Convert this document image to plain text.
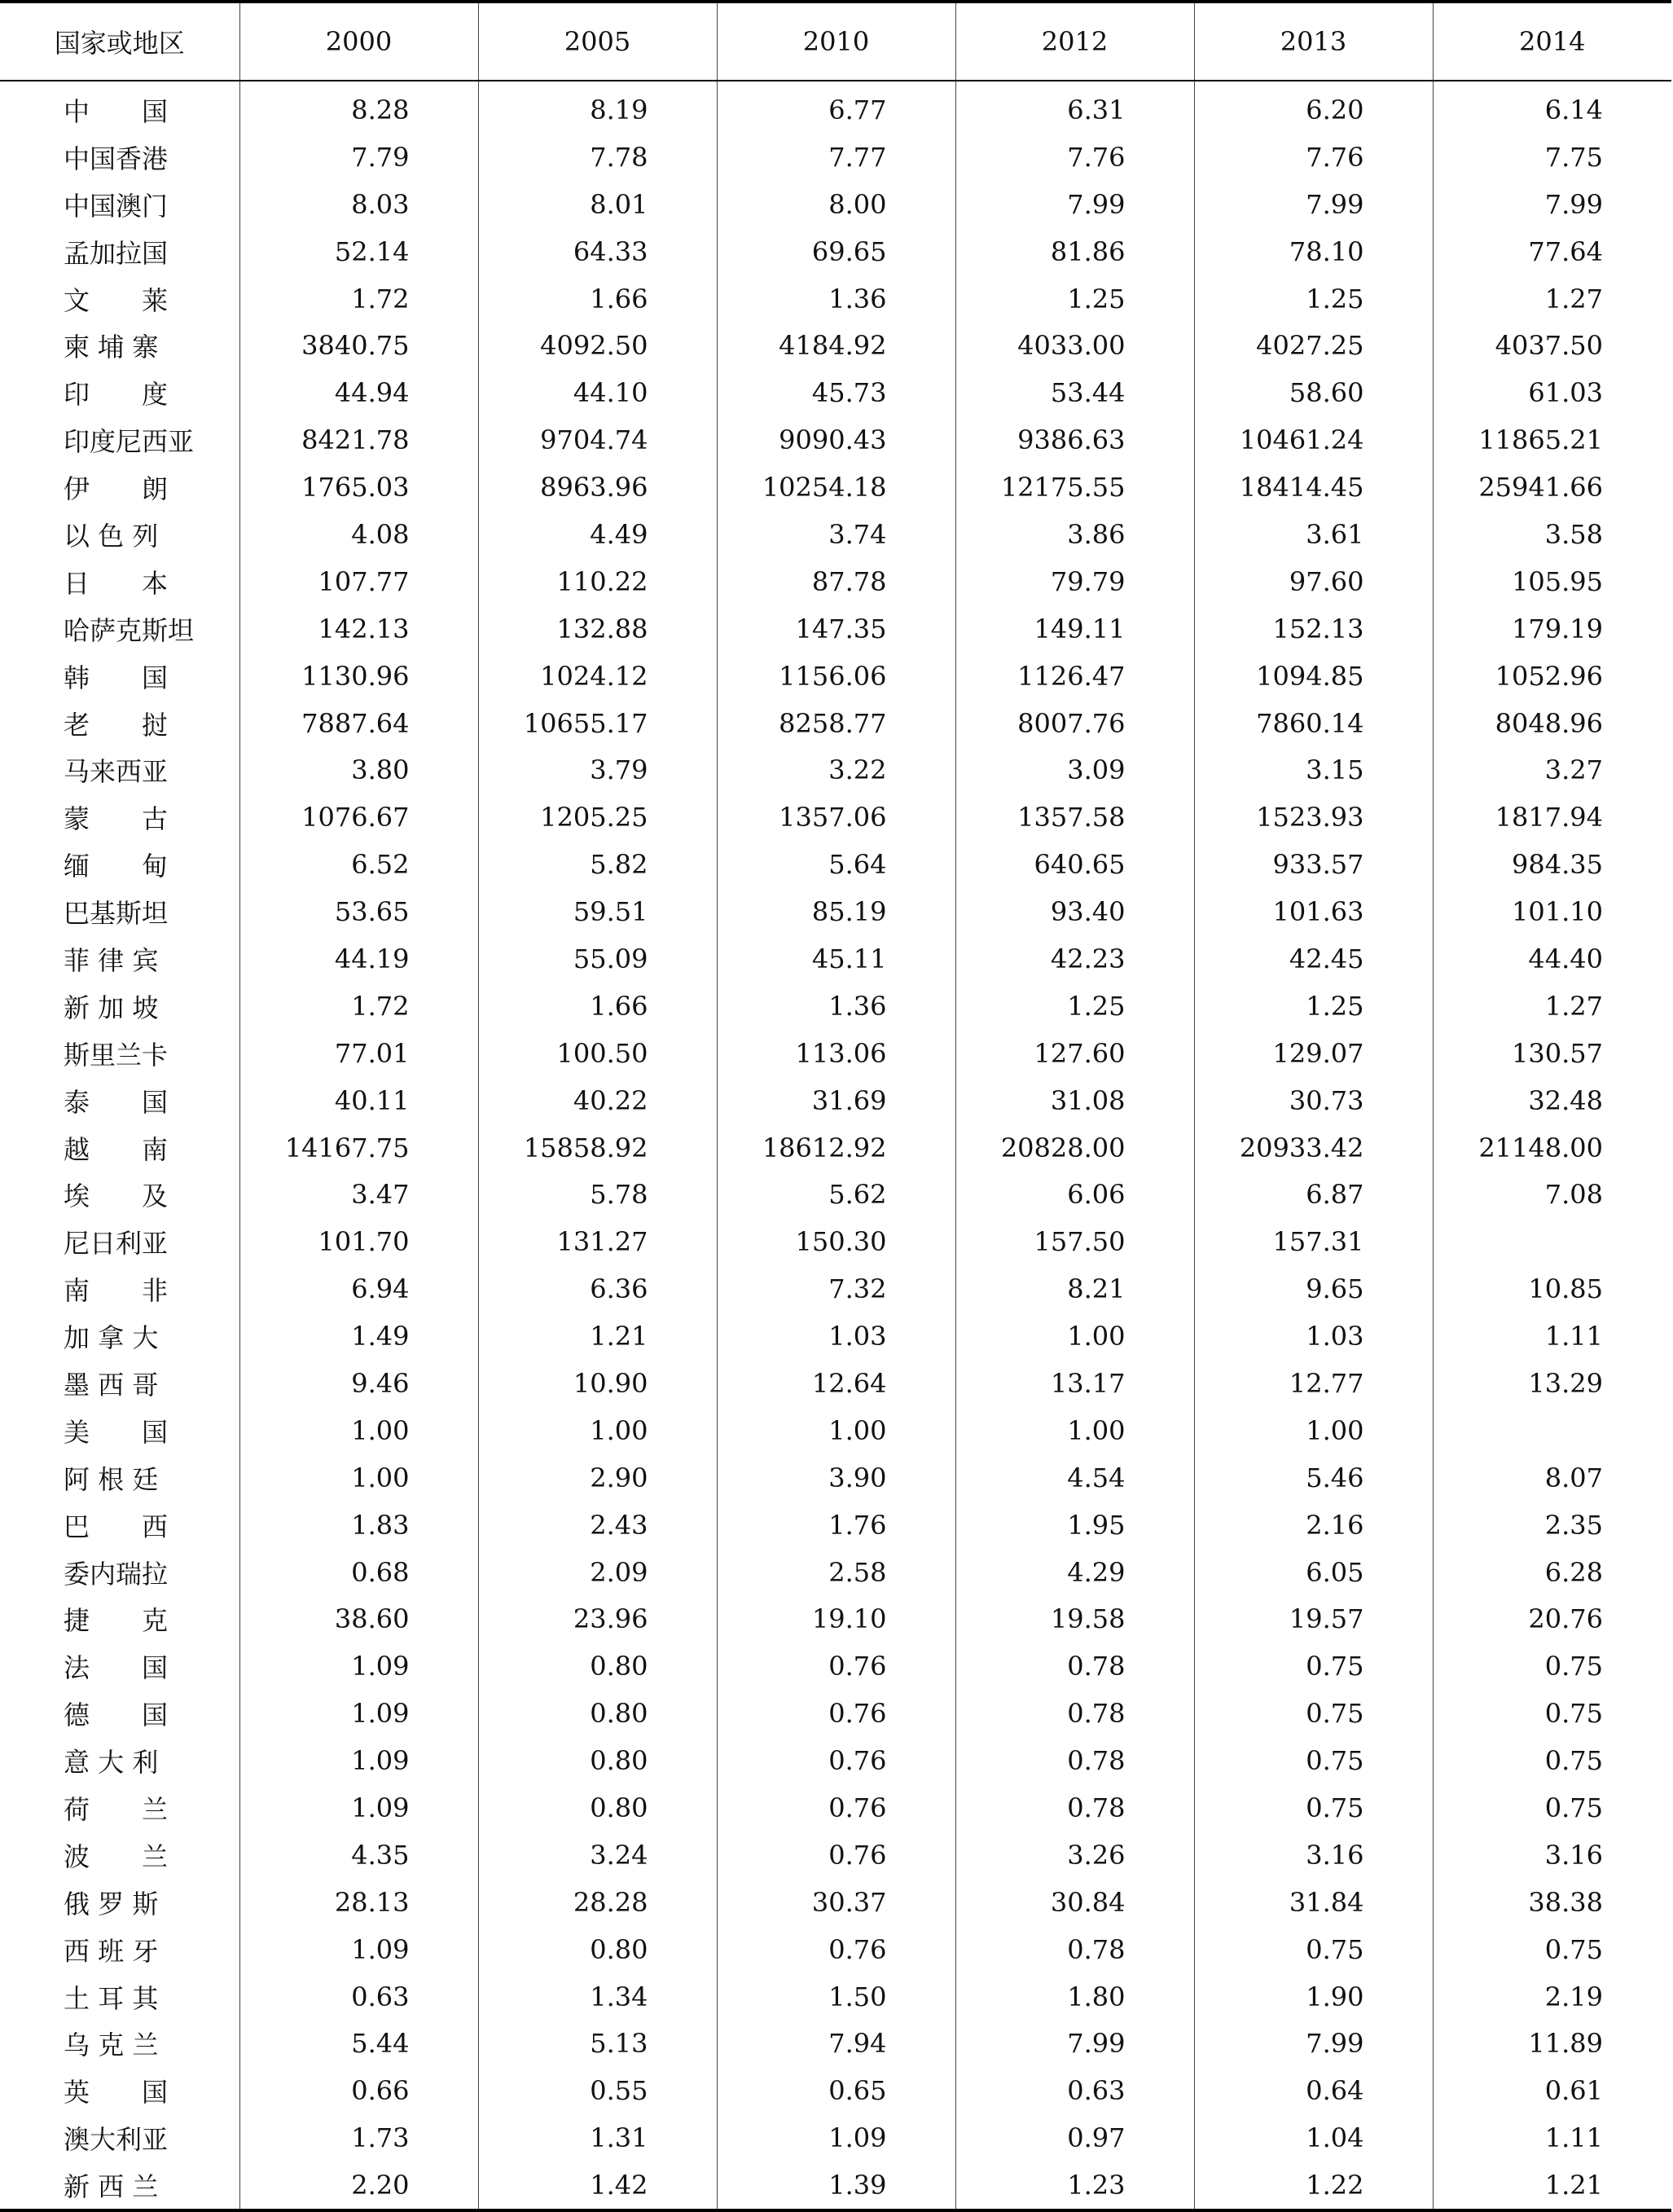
国家或地区	2000	2005	2010	2012	2013	2014
中　　国	8.28	8.19	6.77	6.31	6.20	6.14
中国香港	7.79	7.78	7.77	7.76	7.76	7.75
中国澳门	8.03	8.01	8.00	7.99	7.99	7.99
孟加拉国	52.14	64.33	69.65	81.86	78.10	77.64
文　　莱	1.72	1.66	1.36	1.25	1.25	1.27
柬 埔 寨	3840.75	4092.50	4184.92	4033.00	4027.25	4037.50
印　　度	44.94	44.10	45.73	53.44	58.60	61.03
印度尼西亚	8421.78	9704.74	9090.43	9386.63	10461.24	11865.21
伊　　朗	1765.03	8963.96	10254.18	12175.55	18414.45	25941.66
以 色 列	4.08	4.49	3.74	3.86	3.61	3.58
日　　本	107.77	110.22	87.78	79.79	97.60	105.95
哈萨克斯坦	142.13	132.88	147.35	149.11	152.13	179.19
韩　　国	1130.96	1024.12	1156.06	1126.47	1094.85	1052.96
老　　挝	7887.64	10655.17	8258.77	8007.76	7860.14	8048.96
马来西亚	3.80	3.79	3.22	3.09	3.15	3.27
蒙　　古	1076.67	1205.25	1357.06	1357.58	1523.93	1817.94
缅　　甸	6.52	5.82	5.64	640.65	933.57	984.35
巴基斯坦	53.65	59.51	85.19	93.40	101.63	101.10
菲 律 宾	44.19	55.09	45.11	42.23	42.45	44.40
新 加 坡	1.72	1.66	1.36	1.25	1.25	1.27
斯里兰卡	77.01	100.50	113.06	127.60	129.07	130.57
泰　　国	40.11	40.22	31.69	31.08	30.73	32.48
越　　南	14167.75	15858.92	18612.92	20828.00	20933.42	21148.00
埃　　及	3.47	5.78	5.62	6.06	6.87	7.08
尼日利亚	101.70	131.27	150.30	157.50	157.31	
南　　非	6.94	6.36	7.32	8.21	9.65	10.85
加 拿 大	1.49	1.21	1.03	1.00	1.03	1.11
墨 西 哥	9.46	10.90	12.64	13.17	12.77	13.29
美　　国	1.00	1.00	1.00	1.00	1.00	
阿 根 廷	1.00	2.90	3.90	4.54	5.46	8.07
巴　　西	1.83	2.43	1.76	1.95	2.16	2.35
委内瑞拉	0.68	2.09	2.58	4.29	6.05	6.28
捷　　克	38.60	23.96	19.10	19.58	19.57	20.76
法　　国	1.09	0.80	0.76	0.78	0.75	0.75
德　　国	1.09	0.80	0.76	0.78	0.75	0.75
意 大 利	1.09	0.80	0.76	0.78	0.75	0.75
荷　　兰	1.09	0.80	0.76	0.78	0.75	0.75
波　　兰	4.35	3.24	0.76	3.26	3.16	3.16
俄 罗 斯	28.13	28.28	30.37	30.84	31.84	38.38
西 班 牙	1.09	0.80	0.76	0.78	0.75	0.75
土 耳 其	0.63	1.34	1.50	1.80	1.90	2.19
乌 克 兰	5.44	5.13	7.94	7.99	7.99	11.89
英　　国	0.66	0.55	0.65	0.63	0.64	0.61
澳大利亚	1.73	1.31	1.09	0.97	1.04	1.11
新 西 兰	2.20	1.42	1.39	1.23	1.22	1.21
